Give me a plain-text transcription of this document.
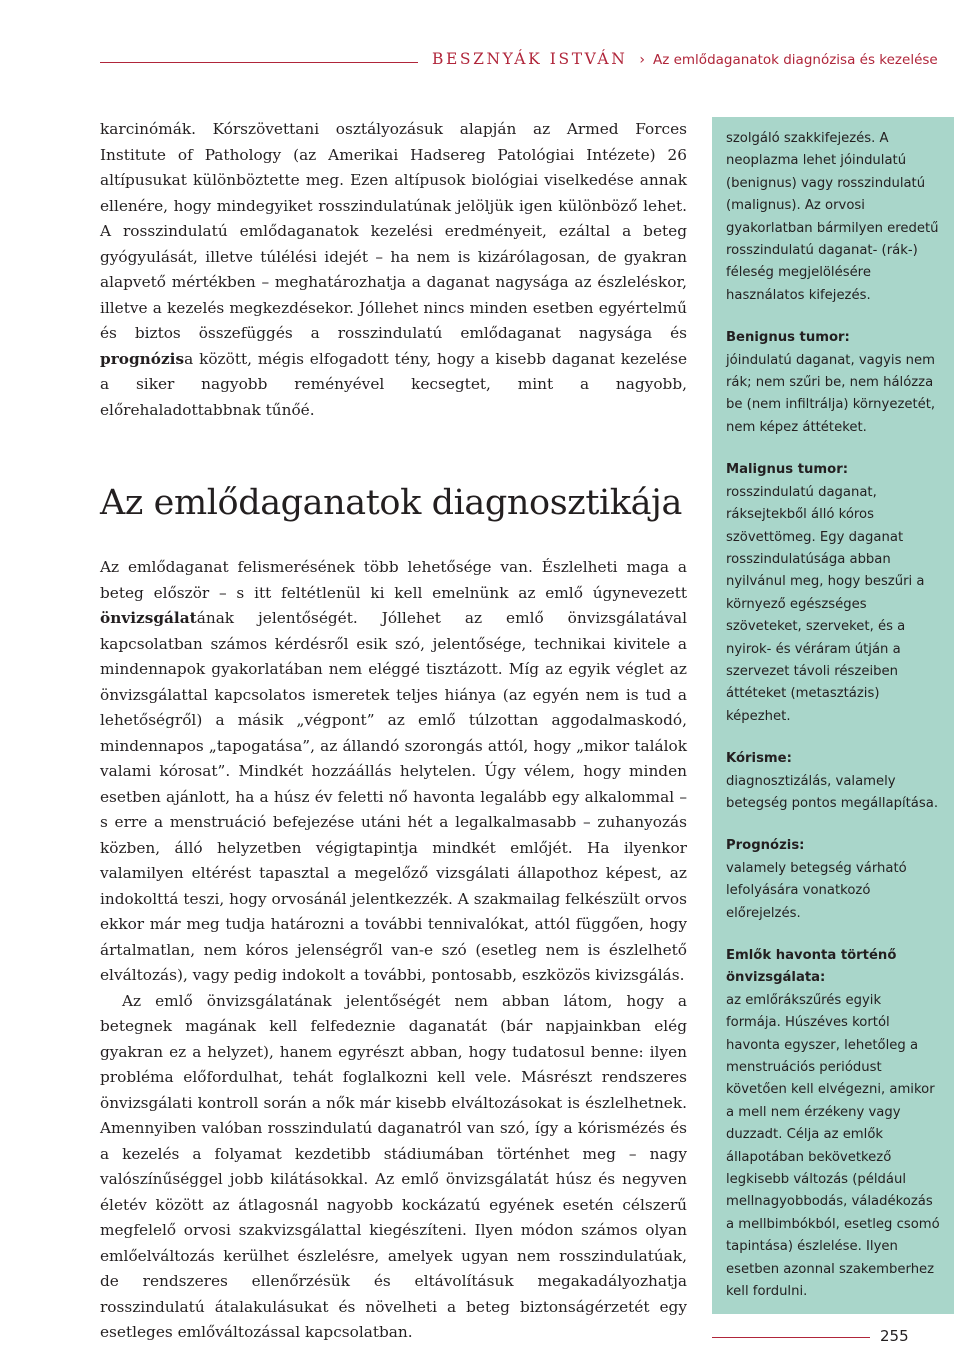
BESZNYÁK ISTVÁN › Az emlődaganatok diagnózisa és kezelése

karcinómák. Kórszövettani osztályozásuk alapján az Armed Forces Institute of Pathology (az Amerikai Hadsereg Patológiai Intézete) 26 altípusukat különböztette meg. Ezen altípusok biológiai viselkedése annak ellenére, hogy mindegyiket rosszindulatúnak jelöljük igen különböző lehet. A rosszindulatú emlődaganatok kezelési eredményeit, ezáltal a beteg gyógyulását, illetve túlélési idejét – ha nem is kizárólagosan, de gyakran alapvető mértékben – meghatározhatja a daganat nagysága az észleléskor, illetve a kezelés megkezdésekor. Jóllehet nincs minden esetben egyértelmű és biztos összefüggés a rosszindulatú emlődaganat nagysága és prognózisa között, mégis elfogadott tény, hogy a kisebb daganat kezelése a siker nagyobb reményével kecsegtet, mint a nagyobb, előrehaladottabbnak tűnőé.

Az emlődaganatok diagnosztikája

Az emlődaganat felismerésének több lehetősége van. Észlelheti maga a beteg először – s itt feltétlenül ki kell emelnünk az emlő úgynevezett önvizsgálatának jelentőségét. Jóllehet az emlő önvizsgálatával kapcsolatban számos kérdésről esik szó, jelentősége, technikai kivitele a mindennapok gyakorlatában nem eléggé tisztázott. Míg az egyik véglet az önvizsgálattal kapcsolatos ismeretek teljes hiánya (az egyén nem is tud a lehetőségről) a másik „végpont” az emlő túlzottan aggodalmaskodó, mindennapos „tapogatása”, az állandó szorongás attól, hogy „mikor találok valami kórosat”. Mindkét hozzáállás helytelen. Úgy vélem, hogy minden esetben ajánlott, ha a húsz év feletti nő havonta legalább egy alkalommal – s erre a menstruáció befejezése utáni hét a legalkalmasabb – zuhanyozás közben, álló helyzetben végigtapintja mindkét emlőjét. Ha ilyenkor valamilyen eltérést tapasztal a megelőző vizsgálati állapothoz képest, az indokolttá teszi, hogy orvosánál jelentkezzék. A szakmailag felkészült orvos ekkor már meg tudja határozni a további tennivalókat, attól függően, hogy ártalmatlan, nem kóros jelenségről van-e szó (esetleg nem is észlelhető elváltozás), vagy pedig indokolt a további, pontosabb, eszközös kivizsgálás.

Az emlő önvizsgálatának jelentőségét nem abban látom, hogy a betegnek magának kell felfedeznie daganatát (bár napjainkban elég gyakran ez a helyzet), hanem egyrészt abban, hogy tudatosul benne: ilyen probléma előfordulhat, tehát foglalkozni kell vele. Másrészt rendszeres önvizsgálati kontroll során a nők már kisebb elváltozásokat is észlelhetnek. Amennyiben valóban rosszindulatú daganatról van szó, így a kórismézés és a kezelés a folyamat kezdetibb stádiumában történhet meg – nagy valószínűséggel jobb kilátásokkal. Az emlő önvizsgálatát húsz és negyven életév között az átlagosnál nagyobb kockázatú egyének esetén célszerű megfelelő orvosi szakvizsgálattal kiegészíteni. Ilyen módon számos olyan emlőelváltozás kerülhet észlelésre, amelyek ugyan nem rosszindulatúak, de rendszeres ellenőrzésük és eltávolításuk megakadályozhatja rosszindulatú átalakulásukat és növelheti a beteg biztonságérzetét egy esetleges emlőváltozással kapcsolatban.

szolgáló szakkifejezés. A neoplazma lehet jóindulatú (benignus) vagy rosszindulatú (malignus). Az orvosi gyakorlatban bármilyen eredetű rosszindulatú daganat- (rák-) féleség megjelölésére használatos kifejezés.

Benignus tumor:
jóindulatú daganat, vagyis nem rák; nem szűri be, nem hálózza be (nem infiltrálja) környezetét, nem képez áttéteket.

Malignus tumor:
rosszindulatú daganat, ráksejtekből álló kóros szövettömeg. Egy daganat rosszindulatúsága abban nyilvánul meg, hogy beszűri a környező egészséges szöveteket, szerveket, és a nyirok- és véráram útján a szervezet távoli részeiben áttéteket (metasztázis) képezhet.

Kórisme:
diagnosztizálás, valamely betegség pontos megállapítása.

Prognózis:
valamely betegség várható lefolyására vonatkozó előrejelzés.

Emlők havonta történő önvizsgálata:
az emlőrákszűrés egyik formája. Húszéves kortól havonta egyszer, lehetőleg a menstruációs periódust követően kell elvégezni, amikor a mell nem érzékeny vagy duzzadt. Célja az emlők állapotában bekövetkező legkisebb változás (például mellnagyobbodás, váladékozás a mellbimbókból, esetleg csomó tapintása) észlelése. Ilyen esetben azonnal szakemberhez kell fordulni.

255
